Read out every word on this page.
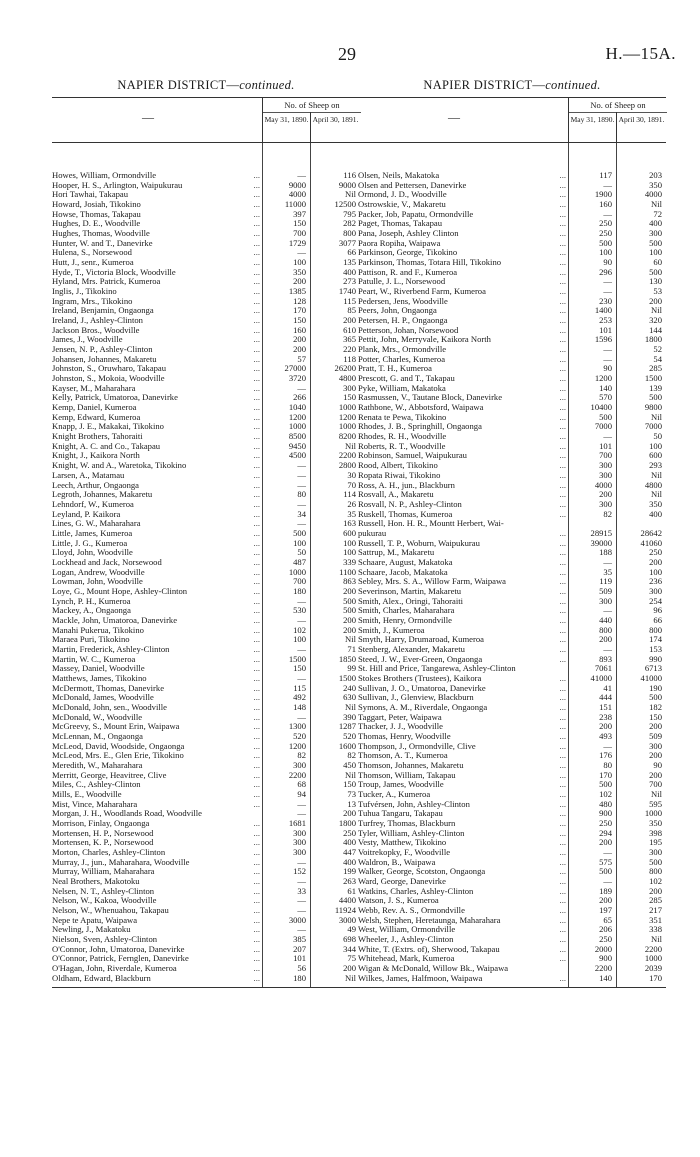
29	H.—15A.
NAPIER DISTRICT—continued.
—
No. of Sheep on
May 31, 1890. April 30, 1891.
Howes, William, Ormondville	...	—	116
Hooper, H. S., Arlington, Waipukurau	...	9000	9000
Hori Tawhai, Takapau	...	4000	Nil
Howard, Josiah, Tikokino	...	11000	12500
Howse, Thomas, Takapau	...	397	795
Hughes, D. E., Woodville	...	150	282
Hughes, Thomas, Woodville	...	700	800
Hunter, W. and T., Danevirke	...	1729	3077
Hulena, S., Norsewood	...	—	66
Hutt, J., senr., Kumeroa	...	100	135
Hyde, T., Victoria Block, Woodville	...	350	400
Hyland, Mrs. Patrick, Kumeroa	...	200	273
Inglis, J., Tikokino	...	1385	1740
Ingram, Mrs., Tikokino	...	128	115
Ireland, Benjamin, Ongaonga	...	170	85
Ireland, J., Ashley-Clinton	...	150	200
Jackson Bros., Woodville	...	160	610
James, J., Woodville	...	200	365
Jensen, N. P., Ashley-Clinton	...	200	220
Johansen, Johannes, Makaretu	...	57	118
Johnston, S., Oruwharo, Takapau	...	27000	26200
Johnston, S., Mokoia, Woodville	...	3720	4800
Kayser, M., Maharahara	...	—	300
Kelly, Patrick, Umatoroa, Danevirke	...	266	150
Kemp, Daniel, Kumeroa	...	1040	1000
Kemp, Edward, Kumeroa	...	1200	1200
Knapp, J. E., Makakai, Tikokino	...	1000	1000
Knight Brothers, Tahoraiti	...	8500	8200
Knight, A. C. and Co., Takapau	...	9450	Nil
Knight, J., Kaikora North	...	4500	2200
Knight, W. and A., Waretoka, Tikokino	...	—	2800
Larsen, A., Matamau	...	—	30
Leech, Arthur, Ongaonga	...	—	70
Legroth, Johannes, Makaretu	...	80	114
Lehndorf, W., Kumeroa	...	—	26
Leyland, P. Kaikora	...	34	35
Lines, G. W., Maharahara	...	—	163
Little, James, Kumeroa	...	500	600
Little, J. G., Kumeroa	...	100	100
Lloyd, John, Woodville	...	50	100
Lockhead and Jack, Norsewood	...	487	339
Logan, Andrew, Woodville	...	1000	1100
Lowman, John, Woodville	...	700	863
Loye, G., Mount Hope, Ashley-Clinton	...	180	200
Lynch, P. H., Kumeroa	...	—	500
Mackey, A., Ongaonga	...	530	500
Mackle, John, Umatoroa, Danevirke	...	—	200
Manahi Pukerua, Tikokino	...	102	200
Maraea Puri, Tikokino	...	100	Nil
Martin, Frederick, Ashley-Clinton	...	—	71
Martin, W. C., Kumeroa	...	1500	1850
Massey, Daniel, Woodville	...	150	99
Matthews, James, Tikokino	...	—	1500
McDermott, Thomas, Danevirke	...	115	240
McDonald, James, Woodville	...	492	630
McDonald, John, sen., Woodville	...	148	Nil
McDonald, W., Woodville	...	—	390
McGreevy, S., Mount Erin, Waipawa	...	1300	1287
McLennan, M., Ongaonga	...	520	520
McLeod, David, Woodside, Ongaonga	...	1200	1600
McLeod, Mrs. E., Glen Erie, Tikokino	...	82	82
Meredith, W., Maharahara	...	300	450
Merritt, George, Heavitree, Clive	...	2200	Nil
Miles, C., Ashley-Clinton	...	68	150
Mills, E., Woodville	...	94	73
Mist, Vince, Maharahara	...	—	13
Morgan, J. H., Woodlands Road, Woodville	—	200
Morrison, Finlay, Ongaonga	...	1681	1800
Mortensen, H. P., Norsewood	...	300	250
Mortensen, K. P., Norsewood	...	300	400
Morton, Charles, Ashley-Clinton	...	300	447
Murray, J., jun., Maharahara, Woodville	...	—	400
Murray, William, Maharahara	...	152	199
Neal Brothers, Makotoku	...	—	263
Nelsen, N. T., Ashley-Clinton	...	33	61
Nelson, W., Kakoa, Woodville	...	—	4400
Nelson, W., Whenuahou, Takapau	...	—	11924
Nepe te Apatu, Waipawa	...	3000	3000
Newling, J., Makatoku	...	—	49
Nielson, Sven, Ashley-Clinton	...	385	698
O'Connor, John, Umatoroa, Danevirke	...	207	344
O'Connor, Patrick, Fernglen, Danevirke	...	101	75
O'Hagan, John, Riverdale, Kumeroa	...	56	200
Oldham, Edward, Blackburn	...	180	Nil
NAPIER DISTRICT—continued.
—
No. of Sheep on
May 31, 1890. April 30, 1891.
Olsen, Neils, Makatoka	...	117	203
Olsen and Pettersen, Danevirke	...	—	350
Ormond, J. D., Woodville	...	1900	4000
Ostrowskie, V., Makaretu	...	160	Nil
Packer, Job, Papatu, Ormondville	...	—	72
Paget, Thomas, Takapau	...	250	400
Pana, Joseph, Ashley Clinton	...	250	300
Paora Ropiha, Waipawa	...	500	500
Parkinson, George, Tikokino	...	100	100
Parkinson, Thomas, Totara Hill, Tikokino	...	90	60
Pattison, R. and F., Kumeroa	...	296	500
Patulle, J. L., Norsewood	...	—	130
Peart, W., Riverbend Farm, Kumeroa	...	—	53
Pedersen, Jens, Woodville	...	230	200
Peers, John, Ongaonga	...	1400	Nil
Petersen, H. P., Ongaonga	...	253	320
Petterson, Johan, Norsewood	...	101	144
Pettit, John, Merryvale, Kaikora North	...	1596	1800
Plank, Mrs., Ormondville	...	—	52
Potter, Charles, Kumeroa	...	—	54
Pratt, T. H., Kumeroa	...	90	285
Prescott, G. and T., Takapau	...	1200	1500
Pyke, William, Makatoka	...	140	139
Rasmussen, V., Tautane Block, Danevirke	...	570	500
Rathbone, W., Abbotsford, Waipawa	...	10400	9800
Renata te Pewa, Tikokino	...	500	Nil
Rhodes, J. B., Springhill, Ongaonga	...	7000	7000
Rhodes, R. H., Woodville	...	—	50
Roberts, R. T., Woodville	...	101	100
Robinson, Samuel, Waipukurau	...	700	600
Rood, Albert, Tikokino	...	300	293
Ropata Riwai, Tikokino	...	300	Nil
Ross, A. H., jun., Blackburn	...	4000	4800
Rosvall, A., Makaretu	...	200	Nil
Rosvall, N. P., Ashley-Clinton	...	300	350
Ruskell, Thomas, Kumeroa	...	82	400
Russell, Hon. H. R., Mountt Herbert, Wai-
pukurau	...	28915	28642
Russell, T. P., Woburn, Waipukurau	...	39000	41060
Sattrup, M., Makaretu	...	188	250
Schaare, August, Makatoka	...	—	200
Schaare, Jacob, Makatoka	...	35	100
Sebley, Mrs. S. A., Willow Farm, Waipawa	...	119	236
Severinson, Martin, Makaretu	...	509	300
Smith, Alex., Oringi, Tahoraiti	...	300	254
Smith, Charles, Maharahara	...	—	96
Smith, Henry, Ormondville	...	440	66
Smith, J., Kumeroa	...	800	800
Smyth, Harry, Drumaroad, Kumeroa	...	200	174
Stenberg, Alexander, Makaretu	...	—	153
Steed, J. W., Ever-Green, Ongaonga	...	893	990
St. Hill and Price, Tangarewa, Ashley-Clinton	7061	6713
Stokes Brothers (Trustees), Kaikora	...	41000	41000
Sullivan, J. O., Umatoroa, Danevirke	...	41	190
Sullivan, J., Glenview, Blackburn	...	444	500
Symons, A. M., Riverdale, Ongaonga	...	151	182
Taggart, Peter, Waipawa	...	238	150
Thacker, J. J., Woodville	...	200	200
Thomas, Henry, Woodville	...	493	509
Thompson, J., Ormondville, Clive	...	—	300
Thomson, A. T., Kumeroa	...	176	200
Thomson, Johannes, Makaretu	...	80	90
Thomson, William, Takapau	...	170	200
Troup, James, Woodville	...	500	700
Tucker, A., Kumeroa	...	102	Nil
Tufvérsen, John, Ashley-Clinton	...	480	595
Tuhua Tangaru, Takapau	...	900	1000
Turfrey, Thomas, Blackburn	...	250	350
Tyler, William, Ashley-Clinton	...	294	398
Vesty, Matthew, Tikokino	...	200	195
Voitrekopky, F., Woodville	...	—	300
Waldron, B., Waipawa	...	575	500
Walker, George, Scotston, Ongaonga	...	500	800
Ward, George, Danevirke	...	—	102
Watkins, Charles, Ashley-Clinton	...	189	200
Watson, J. S., Kumeroa	...	200	285
Webb, Rev. A. S., Ormondville	...	197	217
Welsh, Stephen, Heretaunga, Maharahara	...	65	351
West, William, Ormondville	...	206	338
Wheeler, J., Ashley-Clinton	...	250	Nil
White, T. (Extrs. of), Sherwood, Takapau	...	2000	2200
Whitehead, Mark, Kumeroa	...	900	1000
Wigan & McDonald, Willow Bk., Waipawa	2200	2039
Wilkes, James, Halfmoon, Waipawa	...	140	170
